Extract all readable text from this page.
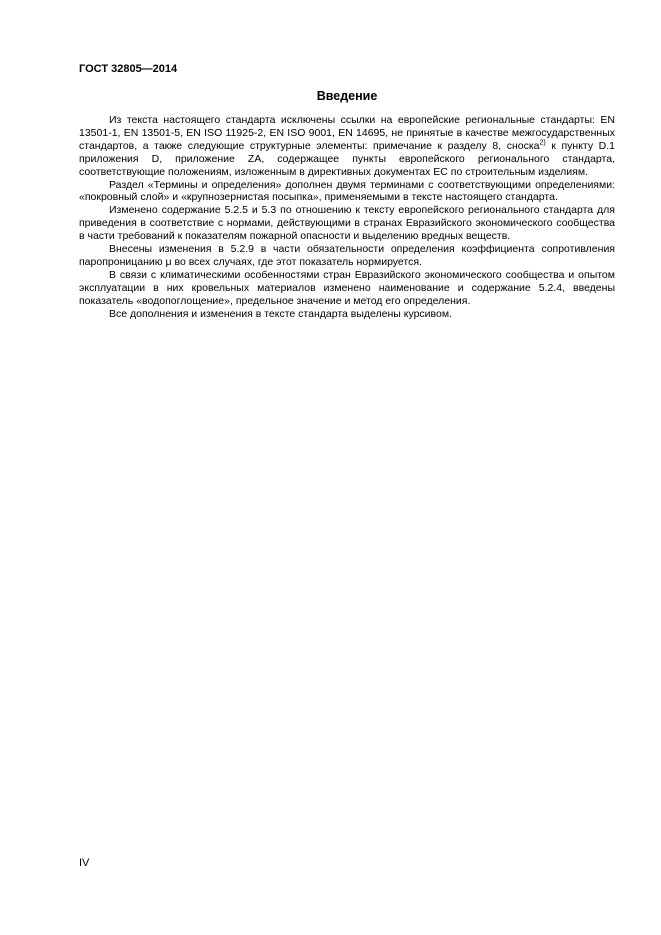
ГОСТ 32805—2014
Введение

Из текста настоящего стандарта исключены ссылки на европейские региональные стандарты: EN 13501-1, EN 13501-5, EN ISO 11925-2, EN ISO 9001, EN 14695, не принятые в качестве межгосударственных стандартов, а также следующие структурные элементы: примечание к разделу 8, сноска$^{2)}$ к пункту D.1 приложения D, приложение ZA, содержащее пункты европейского регионального стандарта, соответствующие положениям, изложенным в директивных документах ЕС по строительным изделиям.

Раздел «Термины и определения» дополнен двумя терминами с соответствующими определениями: «покровный слой» и «крупнозернистая посыпка», применяемыми в тексте настоящего стандарта.

Изменено содержание 5.2.5 и 5.3 по отношению к тексту европейского регионального стандарта для приведения в соответствие с нормами, действующими в странах Евразийского экономического сообщества в части требований к показателям пожарной опасности и выделению вредных веществ.

Внесены изменения в 5.2.9 в части обязательности определения коэффициента сопротивления паропроницанию μ во всех случаях, где этот показатель нормируется.

В связи с климатическими особенностями стран Евразийского экономического сообщества и опытом эксплуатации в них кровельных материалов изменено наименование и содержание 5.2.4, введены показатель «водопоглощение», предельное значение и метод его определения.

Все дополнения и изменения в тексте стандарта выделены курсивом.

IV
